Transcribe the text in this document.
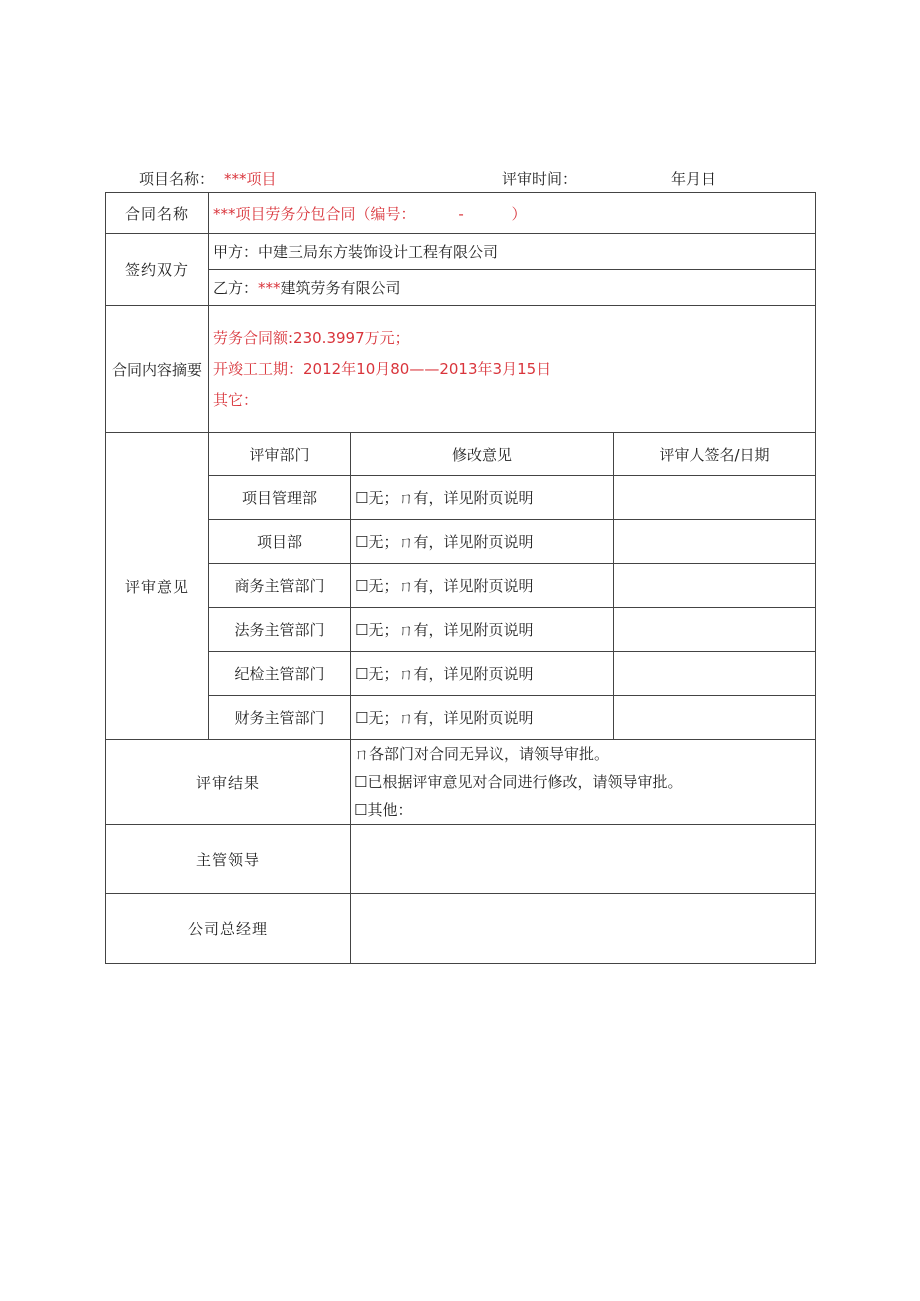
项目名称： ***项目	评审时间：	年月日
合同名称	***项目劳务分包合同（编号：         -          ）		
签约双方	甲方：中建三局东方装饰设计工程有限公司		
	乙方：***建筑劳务有限公司		
合同内容摘要	劳务合同额:230.3997万元；
开竣工工期：2012年10月80——2013年3月15日
其它：		

评审意见	评审部门	修改意见	评审人签名/日期
	项目管理部	☐无；ㄇ有，详见附页说明	
	项目部	☐无；ㄇ有，详见附页说明	
	商务主管部门	☐无；ㄇ有，详见附页说明	
	法务主管部门	☐无；ㄇ有，详见附页说明	
	纪检主管部门	☐无；ㄇ有，详见附页说明	
	财务主管部门	☐无；ㄇ有，详见附页说明	
评审结果		ㄇ各部门对合同无异议，请领导审批。
☐已根据评审意见对合同进行修改，请领导审批。
☐其他：	

主管领导			
公司总经理			
